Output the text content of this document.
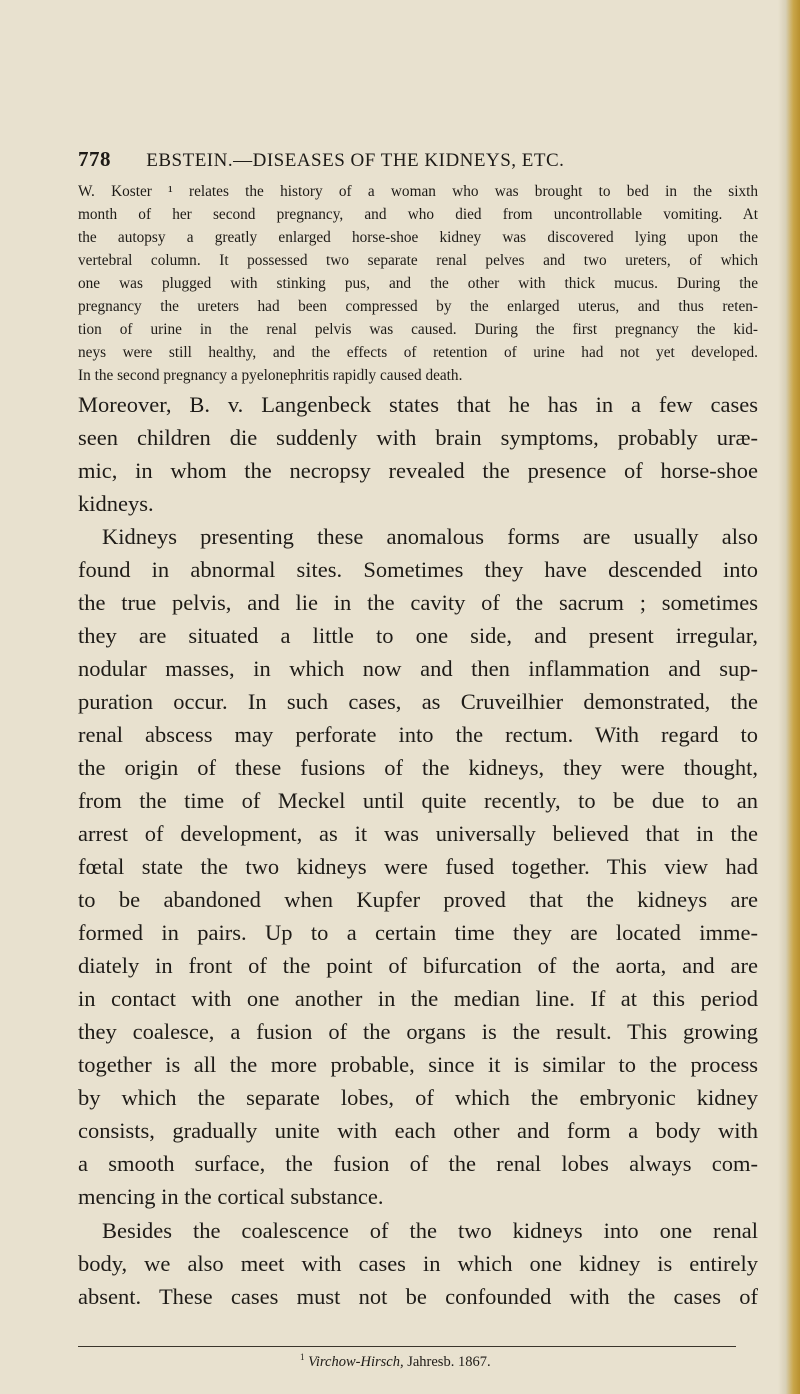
778 EBSTEIN.—DISEASES OF THE KIDNEYS, ETC.
W. Koster ¹ relates the history of a woman who was brought to bed in the sixth
month of her second pregnancy, and who died from uncontrollable vomiting. At
the autopsy a greatly enlarged horse-shoe kidney was discovered lying upon the
vertebral column. It possessed two separate renal pelves and two ureters, of which
one was plugged with stinking pus, and the other with thick mucus. During the
pregnancy the ureters had been compressed by the enlarged uterus, and thus reten-
tion of urine in the renal pelvis was caused. During the first pregnancy the kid-
neys were still healthy, and the effects of retention of urine had not yet developed.
In the second pregnancy a pyelonephritis rapidly caused death.
Moreover, B. v. Langenbeck states that he has in a few cases
seen children die suddenly with brain symptoms, probably uræ-
mic, in whom the necropsy revealed the presence of horse-shoe
kidneys.
Kidneys presenting these anomalous forms are usually also
found in abnormal sites. Sometimes they have descended into
the true pelvis, and lie in the cavity of the sacrum ; sometimes
they are situated a little to one side, and present irregular,
nodular masses, in which now and then inflammation and sup-
puration occur. In such cases, as Cruveilhier demonstrated, the
renal abscess may perforate into the rectum. With regard to
the origin of these fusions of the kidneys, they were thought,
from the time of Meckel until quite recently, to be due to an
arrest of development, as it was universally believed that in the
fœtal state the two kidneys were fused together. This view had
to be abandoned when Kupfer proved that the kidneys are
formed in pairs. Up to a certain time they are located imme-
diately in front of the point of bifurcation of the aorta, and are
in contact with one another in the median line. If at this period
they coalesce, a fusion of the organs is the result. This growing
together is all the more probable, since it is similar to the process
by which the separate lobes, of which the embryonic kidney
consists, gradually unite with each other and form a body with
a smooth surface, the fusion of the renal lobes always com-
mencing in the cortical substance.
Besides the coalescence of the two kidneys into one renal
body, we also meet with cases in which one kidney is entirely
absent. These cases must not be confounded with the cases of
$^1$ Virchow-Hirsch, Jahresb. 1867.
